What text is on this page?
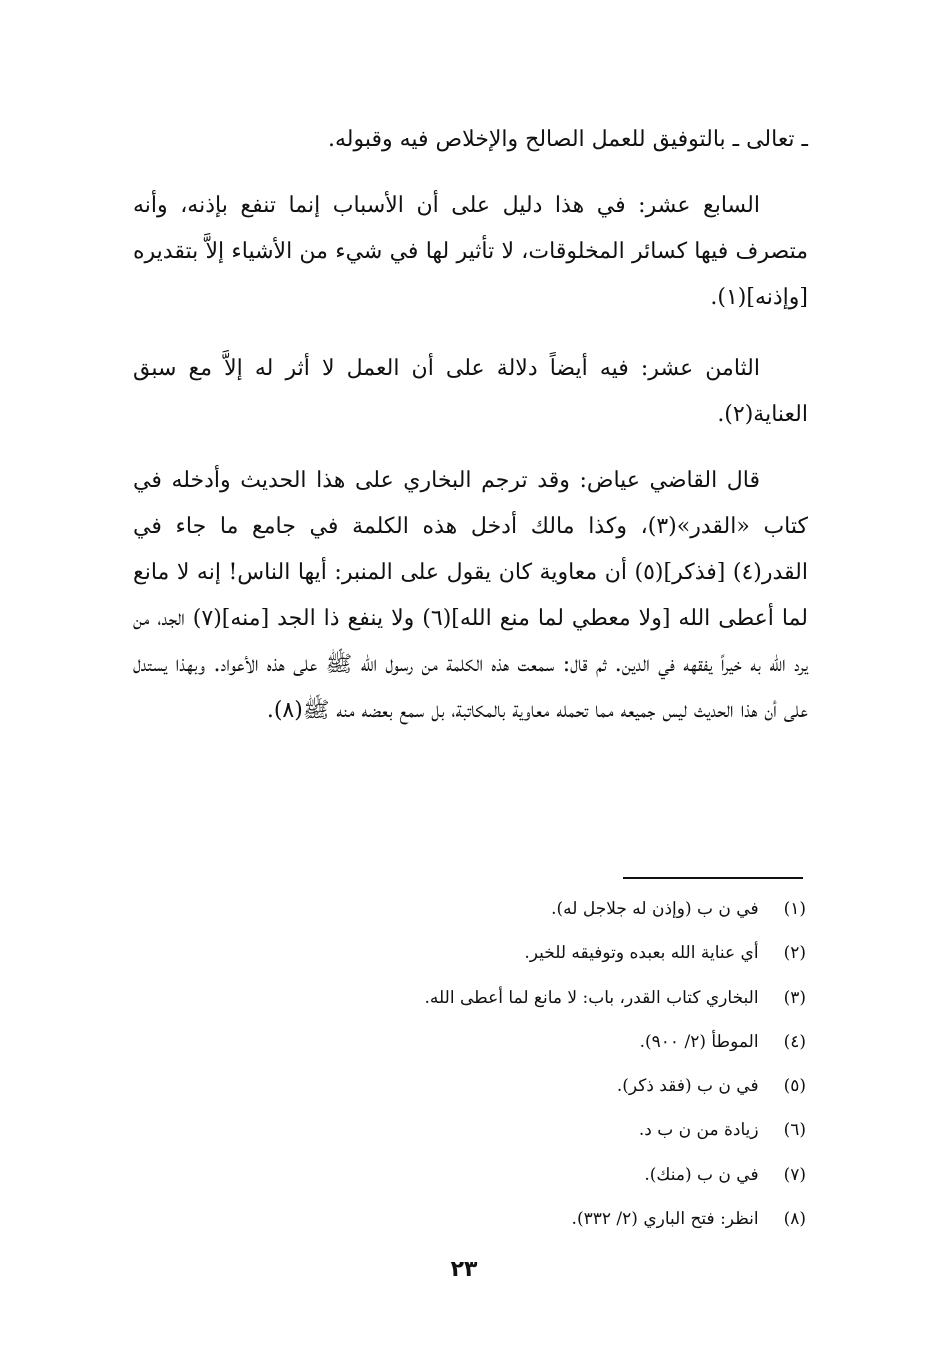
ـ تعالى ـ بالتوفيق للعمل الصالح والإخلاص فيه وقبوله.

السابع عشر: في هذا دليل على أن الأسباب إنما تنفع بإذنه، وأنه متصرف فيها كسائر المخلوقات، لا تأثير لها في شيء من الأشياء إلاَّ بتقديره [وإذنه](١).

الثامن عشر: فيه أيضاً دلالة على أن العمل لا أثر له إلاَّ مع سبق العناية(٢).

قال القاضي عياض: وقد ترجم البخاري على هذا الحديث وأدخله في كتاب «القدر»(٣)، وكذا مالك أدخل هذه الكلمة في جامع ما جاء في القدر(٤) [فذكر](٥) أن معاوية كان يقول على المنبر: أيها الناس! إنه لا مانع لما أعطى الله [ولا معطي لما منع الله](٦) ولا ينفع ذا الجد [منه](٧) الجد، من يرد الله به خيراً يفقهه في الدين. ثم قال: سمعت هذه الكلمة من رسول الله ﷺ على هذه الأعواد. وبهذا يستدل على أن هذا الحديث ليس جميعه مما تحمله معاوية بالمكاتبة، بل سمع بعضه منه ﷺ(٨).

(١) في ن ب (وإذن له جلاجل له).
(٢) أي عناية الله بعبده وتوفيقه للخير.
(٣) البخاري كتاب القدر، باب: لا مانع لما أعطى الله.
(٤) الموطأ (٢/ ٩٠٠).
(٥) في ن ب (فقد ذكر).
(٦) زيادة من ن ب د.
(٧) في ن ب (منك).
(٨) انظر: فتح الباري (٢/ ٣٣٢).
٢٣
